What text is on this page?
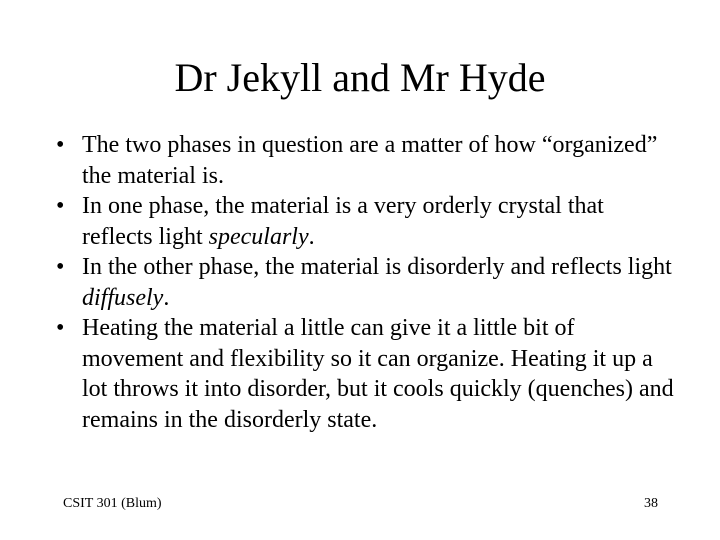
Dr Jekyll and Mr Hyde
• The two phases in question are a matter of how “organized” the material is.
• In one phase, the material is a very orderly crystal that reflects light specularly.
• In the other phase, the material is disorderly and reflects light diffusely.
• Heating the material a little can give it a little bit of movement and flexibility so it can organize. Heating it up a lot throws it into disorder, but it cools quickly (quenches) and remains in the disorderly state.
CSIT 301 (Blum)	38
